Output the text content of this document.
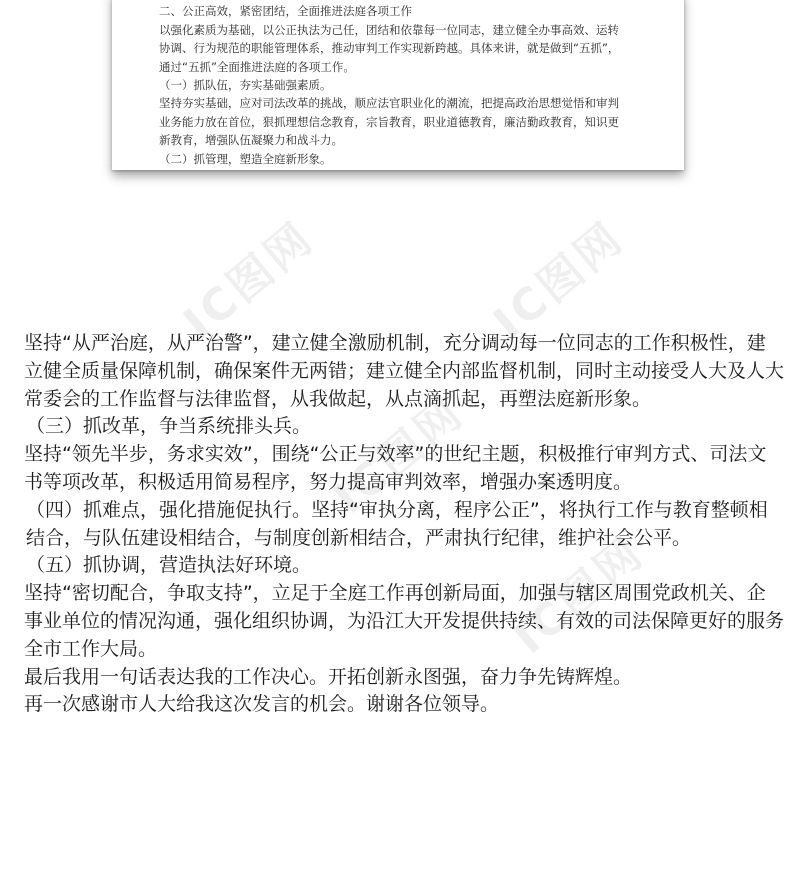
二、公正高效，紧密团结，全面推进法庭各项工作
以强化素质为基础，以公正执法为己任，团结和依靠每一位同志，建立健全办事高效、运转
协调、行为规范的职能管理体系，推动审判工作实现新跨越。具体来讲，就是做到“五抓”，
通过“五抓”全面推进法庭的各项工作。
（一）抓队伍，夯实基础强素质。
坚持夯实基础，应对司法改革的挑战，顺应法官职业化的潮流，把提高政治思想觉悟和审判
业务能力放在首位，狠抓理想信念教育，宗旨教育，职业道德教育，廉洁勤政教育，知识更
新教育，增强队伍凝聚力和战斗力。
（二）抓管理，塑造全庭新形象。
IC图网	IC图网
IC图网
IC图网

坚持“从严治庭，从严治警”，建立健全激励机制，充分调动每一位同志的工作积极性，建立健全质量保障机制，确保案件无两错；建立健全内部监督机制，同时主动接受人大及人大常委会的工作监督与法律监督，从我做起，从点滴抓起，再塑法庭新形象。

（三）抓改革，争当系统排头兵。

坚持“领先半步，务求实效”，围绕“公正与效率”的世纪主题，积极推行审判方式、司法文书等项改革，积极适用简易程序，努力提高审判效率，增强办案透明度。

（四）抓难点，强化措施促执行。坚持“审执分离，程序公正”，将执行工作与教育整顿相结合，与队伍建设相结合，与制度创新相结合，严肃执行纪律，维护社会公平。

（五）抓协调，营造执法好环境。

坚持“密切配合，争取支持”，立足于全庭工作再创新局面，加强与辖区周围党政机关、企事业单位的情况沟通，强化组织协调，为沿江大开发提供持续、有效的司法保障更好的服务全市工作大局。

最后我用一句话表达我的工作决心。开拓创新永图强，奋力争先铸辉煌。

再一次感谢市人大给我这次发言的机会。谢谢各位领导。
